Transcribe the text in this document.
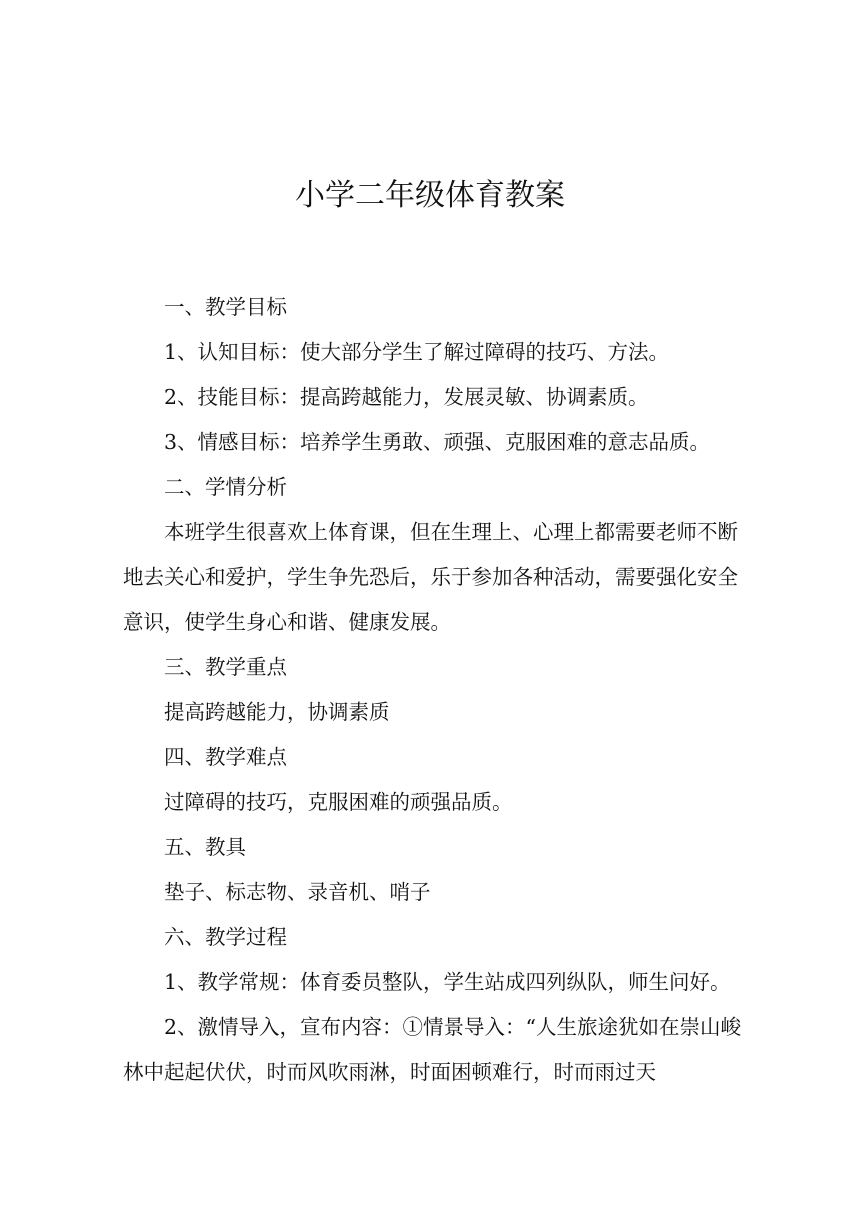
小学二年级体育教案

一、教学目标

1、认知目标：使大部分学生了解过障碍的技巧、方法。

2、技能目标：提高跨越能力，发展灵敏、协调素质。

3、情感目标：培养学生勇敢、顽强、克服困难的意志品质。

二、学情分析

本班学生很喜欢上体育课，但在生理上、心理上都需要老师不断地去关心和爱护，学生争先恐后，乐于参加各种活动，需要强化安全意识，使学生身心和谐、健康发展。

三、教学重点

提高跨越能力，协调素质

四、教学难点

过障碍的技巧，克服困难的顽强品质。

五、教具

垫子、标志物、录音机、哨子

六、教学过程

1、教学常规：体育委员整队，学生站成四列纵队，师生问好。

2、激情导入，宣布内容：①情景导入：“人生旅途犹如在崇山峻林中起起伏伏，时而风吹雨淋，时面困顿难行，时而雨过天
